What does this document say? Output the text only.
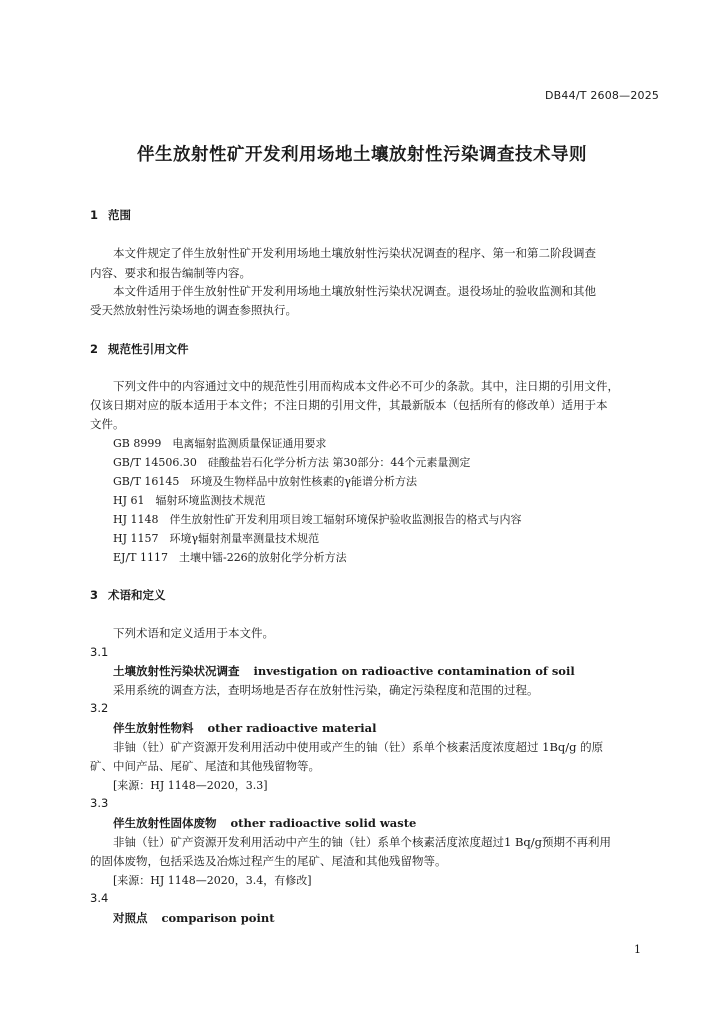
DB44/T 2608—2025
伴生放射性矿开发利用场地土壤放射性污染调查技术导则
1 范围
本文件规定了伴生放射性矿开发利用场地土壤放射性污染状况调查的程序、第一和第二阶段调查
内容、要求和报告编制等内容。
本文件适用于伴生放射性矿开发利用场地土壤放射性污染状况调查。退役场址的验收监测和其他
受天然放射性污染场地的调查参照执行。
2 规范性引用文件
下列文件中的内容通过文中的规范性引用而构成本文件必不可少的条款。其中，注日期的引用文件，
仅该日期对应的版本适用于本文件；不注日期的引用文件，其最新版本（包括所有的修改单）适用于本
文件。
GB 8999　电离辐射监测质量保证通用要求
GB/T 14506.30　硅酸盐岩石化学分析方法 第30部分：44个元素量测定
GB/T 16145　环境及生物样品中放射性核素的γ能谱分析方法
HJ 61　辐射环境监测技术规范
HJ 1148　伴生放射性矿开发利用项目竣工辐射环境保护验收监测报告的格式与内容
HJ 1157　环境γ辐射剂量率测量技术规范
EJ/T 1117　土壤中镭-226的放射化学分析方法
3 术语和定义
下列术语和定义适用于本文件。
3.1
土壤放射性污染状况调查 investigation on radioactive contamination of soil
采用系统的调查方法，查明场地是否存在放射性污染，确定污染程度和范围的过程。
3.2
伴生放射性物料 other radioactive material
非铀（钍）矿产资源开发利用活动中使用或产生的铀（钍）系单个核素活度浓度超过 1Bq/g 的原
矿、中间产品、尾矿、尾渣和其他残留物等。
[来源：HJ 1148—2020，3.3]
3.3
伴生放射性固体废物 other radioactive solid waste
非铀（钍）矿产资源开发利用活动中产生的铀（钍）系单个核素活度浓度超过1 Bq/g预期不再利用
的固体废物，包括采选及冶炼过程产生的尾矿、尾渣和其他残留物等。
[来源：HJ 1148—2020，3.4，有修改]
3.4
对照点 comparison point
1
